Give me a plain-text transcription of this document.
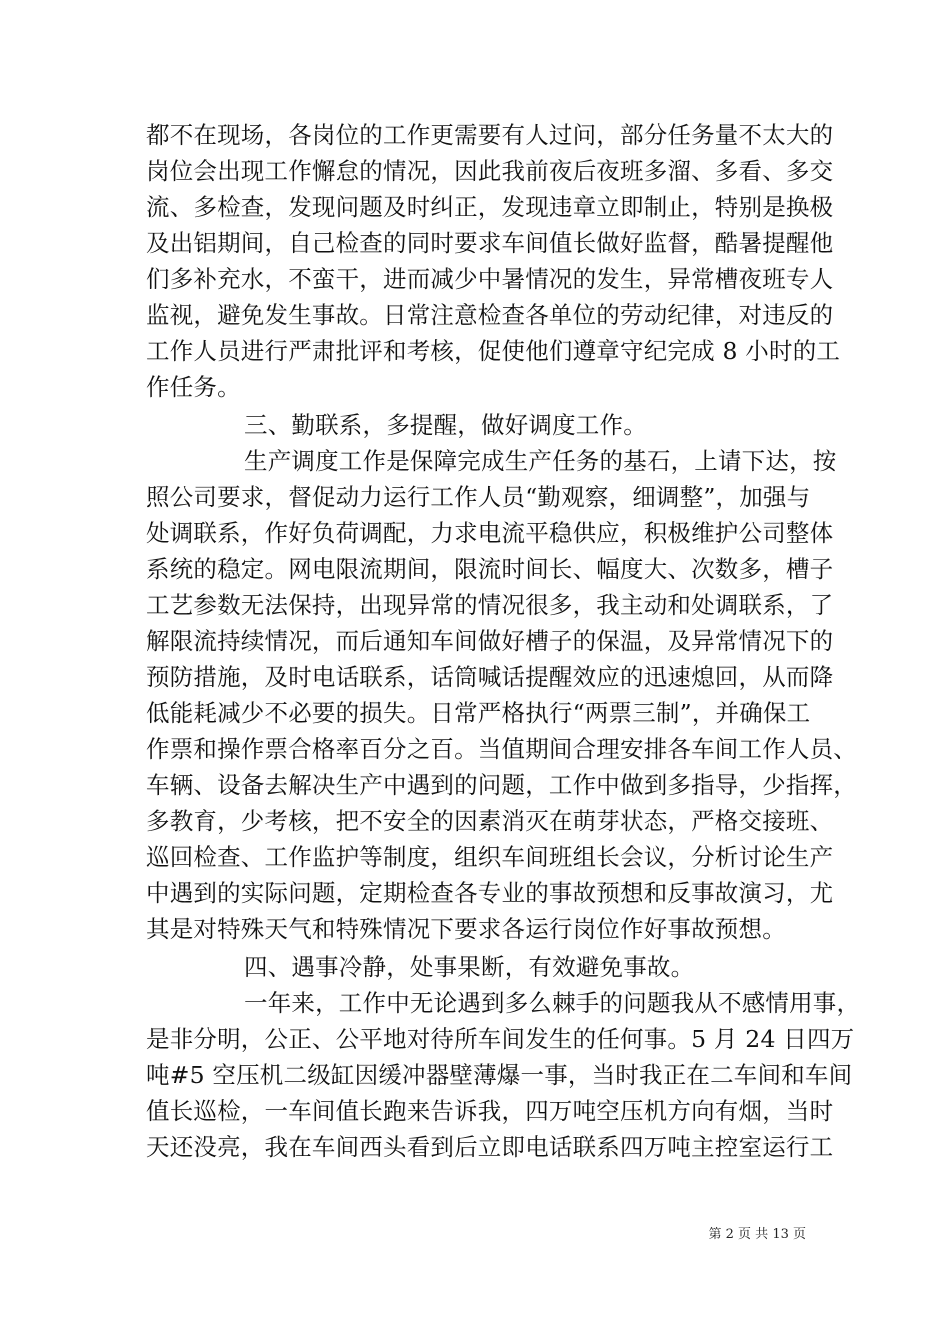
都不在现场，各岗位的工作更需要有人过问，部分任务量不太大的
岗位会出现工作懈怠的情况，因此我前夜后夜班多溜、多看、多交
流、多检查，发现问题及时纠正，发现违章立即制止，特别是换极
及出铝期间，自己检查的同时要求车间值长做好监督，酷暑提醒他
们多补充水，不蛮干，进而减少中暑情况的发生，异常槽夜班专人
监视，避免发生事故。日常注意检查各单位的劳动纪律，对违反的
工作人员进行严肃批评和考核，促使他们遵章守纪完成 8 小时的工
作任务。
三、勤联系，多提醒，做好调度工作。
生产调度工作是保障完成生产任务的基石，上请下达，按
照公司要求，督促动力运行工作人员“勤观察，细调整”，加强与
处调联系，作好负荷调配，力求电流平稳供应，积极维护公司整体
系统的稳定。网电限流期间，限流时间长、幅度大、次数多，槽子
工艺参数无法保持，出现异常的情况很多，我主动和处调联系，了
解限流持续情况，而后通知车间做好槽子的保温，及异常情况下的
预防措施，及时电话联系，话筒喊话提醒效应的迅速熄回，从而降
低能耗减少不必要的损失。日常严格执行“两票三制”，并确保工
作票和操作票合格率百分之百。当值期间合理安排各车间工作人员、
车辆、设备去解决生产中遇到的问题，工作中做到多指导，少指挥，
多教育，少考核，把不安全的因素消灭在萌芽状态，严格交接班、
巡回检查、工作监护等制度，组织车间班组长会议，分析讨论生产
中遇到的实际问题，定期检查各专业的事故预想和反事故演习，尤
其是对特殊天气和特殊情况下要求各运行岗位作好事故预想。
四、遇事冷静，处事果断，有效避免事故。
一年来，工作中无论遇到多么棘手的问题我从不感情用事，
是非分明，公正、公平地对待所车间发生的任何事。5 月 24 日四万
吨#5 空压机二级缸因缓冲器壁薄爆一事，当时我正在二车间和车间
值长巡检，一车间值长跑来告诉我，四万吨空压机方向有烟，当时
天还没亮，我在车间西头看到后立即电话联系四万吨主控室运行工
第 2 页 共 13 页
